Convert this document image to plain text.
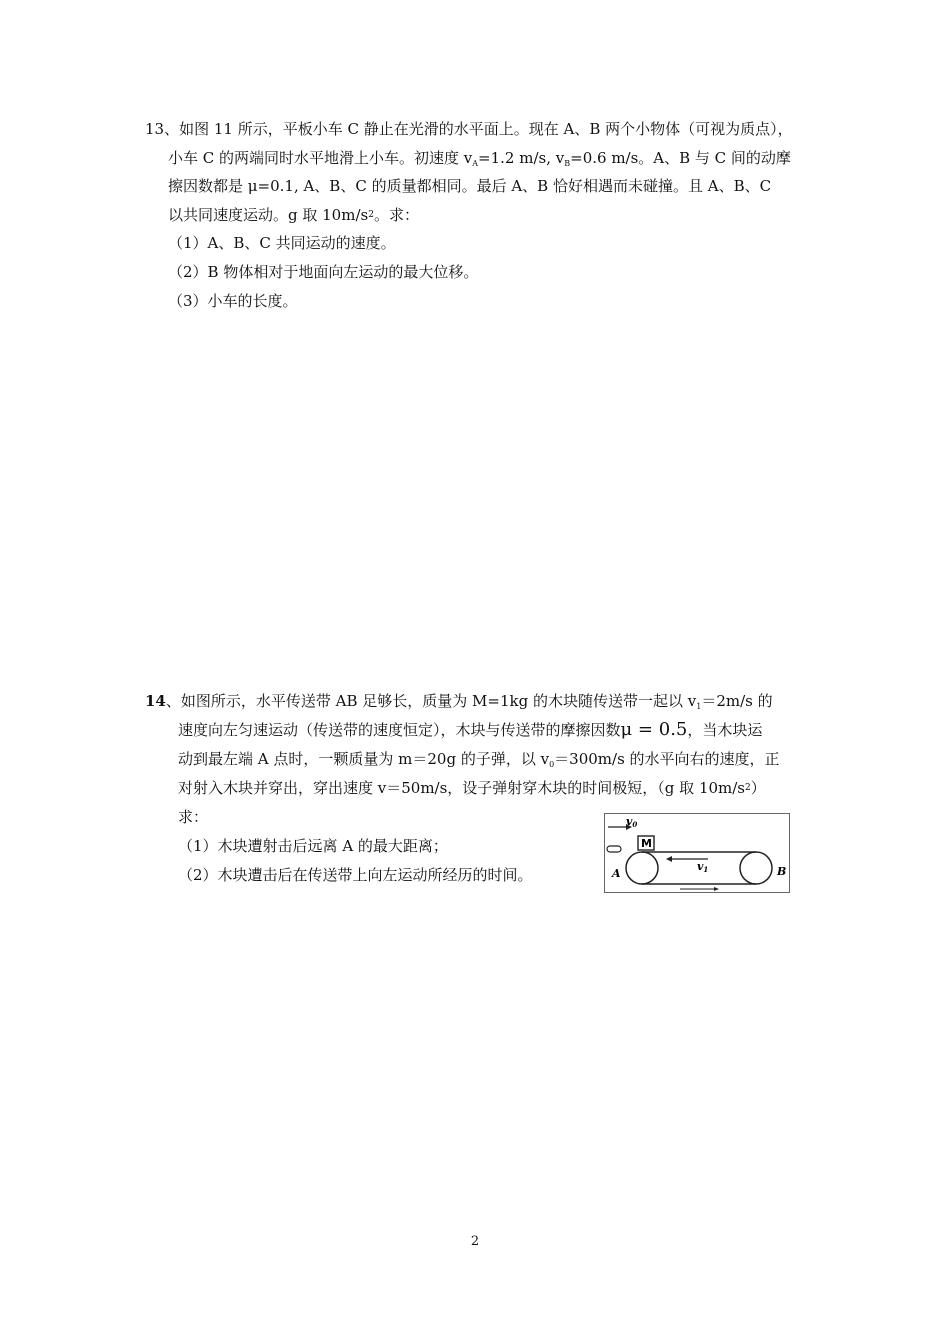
13、如图 11 所示，平板小车 C 静止在光滑的水平面上。现在 A、B 两个小物体（可视为质点），
小车 C 的两端同时水平地滑上小车。初速度 $v_A=1.2$ m/s, $v_B=0.6$ m/s。A、B 与 C 间的动摩
擦因数都是 μ=0.1, A、B、C 的质量都相同。最后 A、B 恰好相遇而未碰撞。且 A、B、C
以共同速度运动。g 取 $10m/s^2$。求：
（1）A、B、C 共同运动的速度。
（2）B 物体相对于地面向左运动的最大位移。
（3）小车的长度。
14、如图所示，水平传送带 AB 足够长，质量为 M=1kg 的木块随传送带一起以 $v_1=2m/s$ 的
速度向左匀速运动（传送带的速度恒定），木块与传送带的摩擦因数μ = 0.5，当木块运
动到最左端 A 点时，一颗质量为 m＝20g 的子弹，以 $v_0=300m/s$ 的水平向右的速度，正
对射入木块并穿出，穿出速度 v＝50m/s，设子弹射穿木块的时间极短，（g 取 $10m/s^2$）
求：
（1）木块遭射击后远离 A 的最大距离；
（2）木块遭击后在传送带上向左运动所经历的时间。
v0
M
v1
A	B
2
